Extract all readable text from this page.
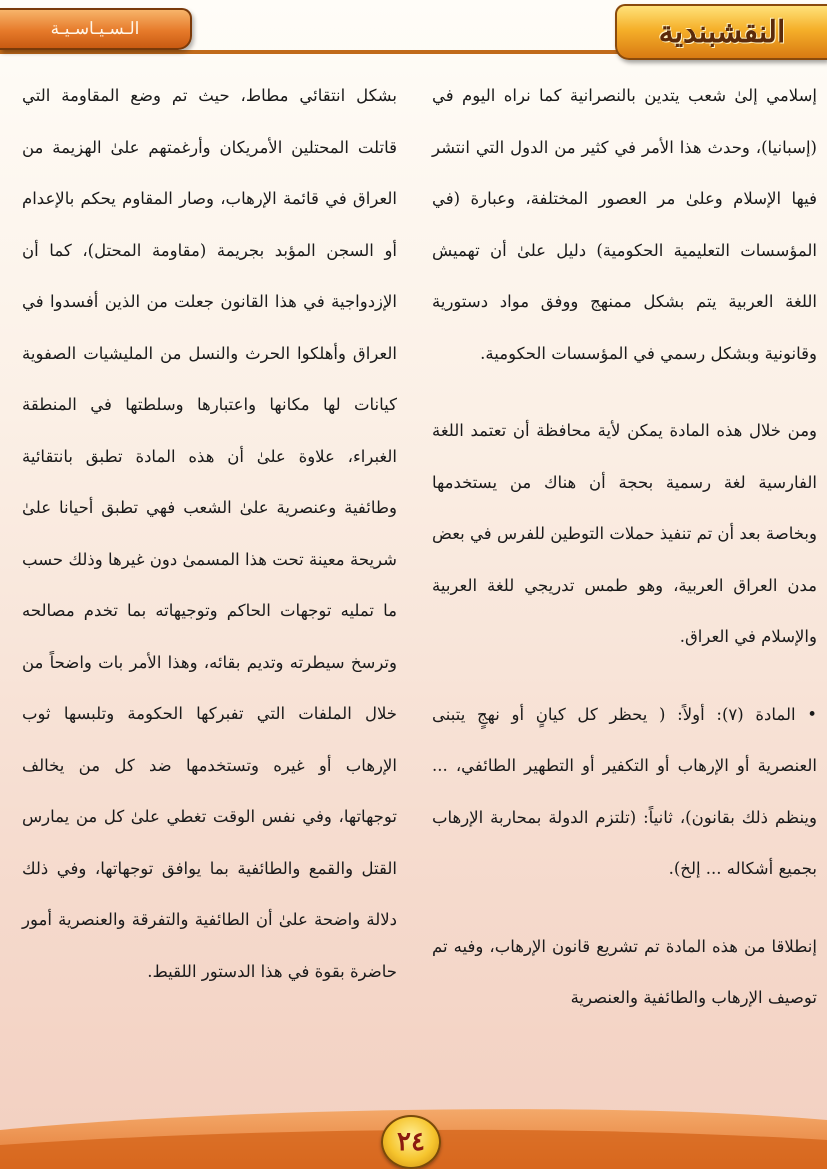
النقشبندية
الـسـيـاسـيـة

إسلامي إلىٰ شعب يتدين بالنصرانية كما نراه اليوم في (إسبانيا)، وحدث هذا الأمر في كثير من الدول التي انتشر فيها الإسلام وعلىٰ مر العصور المختلفة، وعبارة (في المؤسسات التعليمية الحكومية) دليل علىٰ أن تهميش اللغة العربية يتم بشكل ممنهج ووفق مواد دستورية وقانونية وبشكل رسمي في المؤسسات الحكومية.

ومن خلال هذه المادة يمكن لأية محافظة أن تعتمد اللغة الفارسية لغة رسمية بحجة أن هناك من يستخدمها وبخاصة بعد أن تم تنفيذ حملات التوطين للفرس في بعض مدن العراق العربية، وهو طمس تدريجي للغة العربية والإسلام في العراق.

• المادة (٧): أولاً: ( يحظر كل كيانٍ أو نهجٍ يتبنى العنصرية أو الإرهاب أو التكفير أو التطهير الطائفي، ... وينظم ذلك بقانون)، ثانياً: (تلتزم الدولة بمحاربة الإرهاب بجميع أشكاله ... إلخ).

إنطلاقا من هذه المادة تم تشريع قانون الإرهاب، وفيه تم توصيف الإرهاب والطائفية والعنصرية

بشكل انتقائي مطاط، حيث تم وضع المقاومة التي قاتلت المحتلين الأمريكان وأرغمتهم علىٰ الهزيمة من العراق في قائمة الإرهاب، وصار المقاوم يحكم بالإعدام أو السجن المؤبد بجريمة (مقاومة المحتل)، كما أن الإزدواجية في هذا القانون جعلت من الذين أفسدوا في العراق وأهلكوا الحرث والنسل من المليشيات الصفوية كيانات لها مكانها واعتبارها وسلطتها في المنطقة الغبراء، علاوة علىٰ أن هذه المادة تطبق بانتقائية وطائفية وعنصرية علىٰ الشعب فهي تطبق أحيانا علىٰ شريحة معينة تحت هذا المسمىٰ دون غيرها وذلك حسب ما تمليه توجهات الحاكم وتوجيهاته بما تخدم مصالحه وترسخ سيطرته وتديم بقائه، وهذا الأمر بات واضحاً من خلال الملفات التي تفبركها الحكومة وتلبسها ثوب الإرهاب أو غيره وتستخدمها ضد كل من يخالف توجهاتها، وفي نفس الوقت تغطي علىٰ كل من يمارس القتل والقمع والطائفية بما يوافق توجهاتها، وفي ذلك دلالة واضحة علىٰ أن الطائفية والتفرقة والعنصرية أمور حاضرة بقوة في هذا الدستور اللقيط.

٢٤
